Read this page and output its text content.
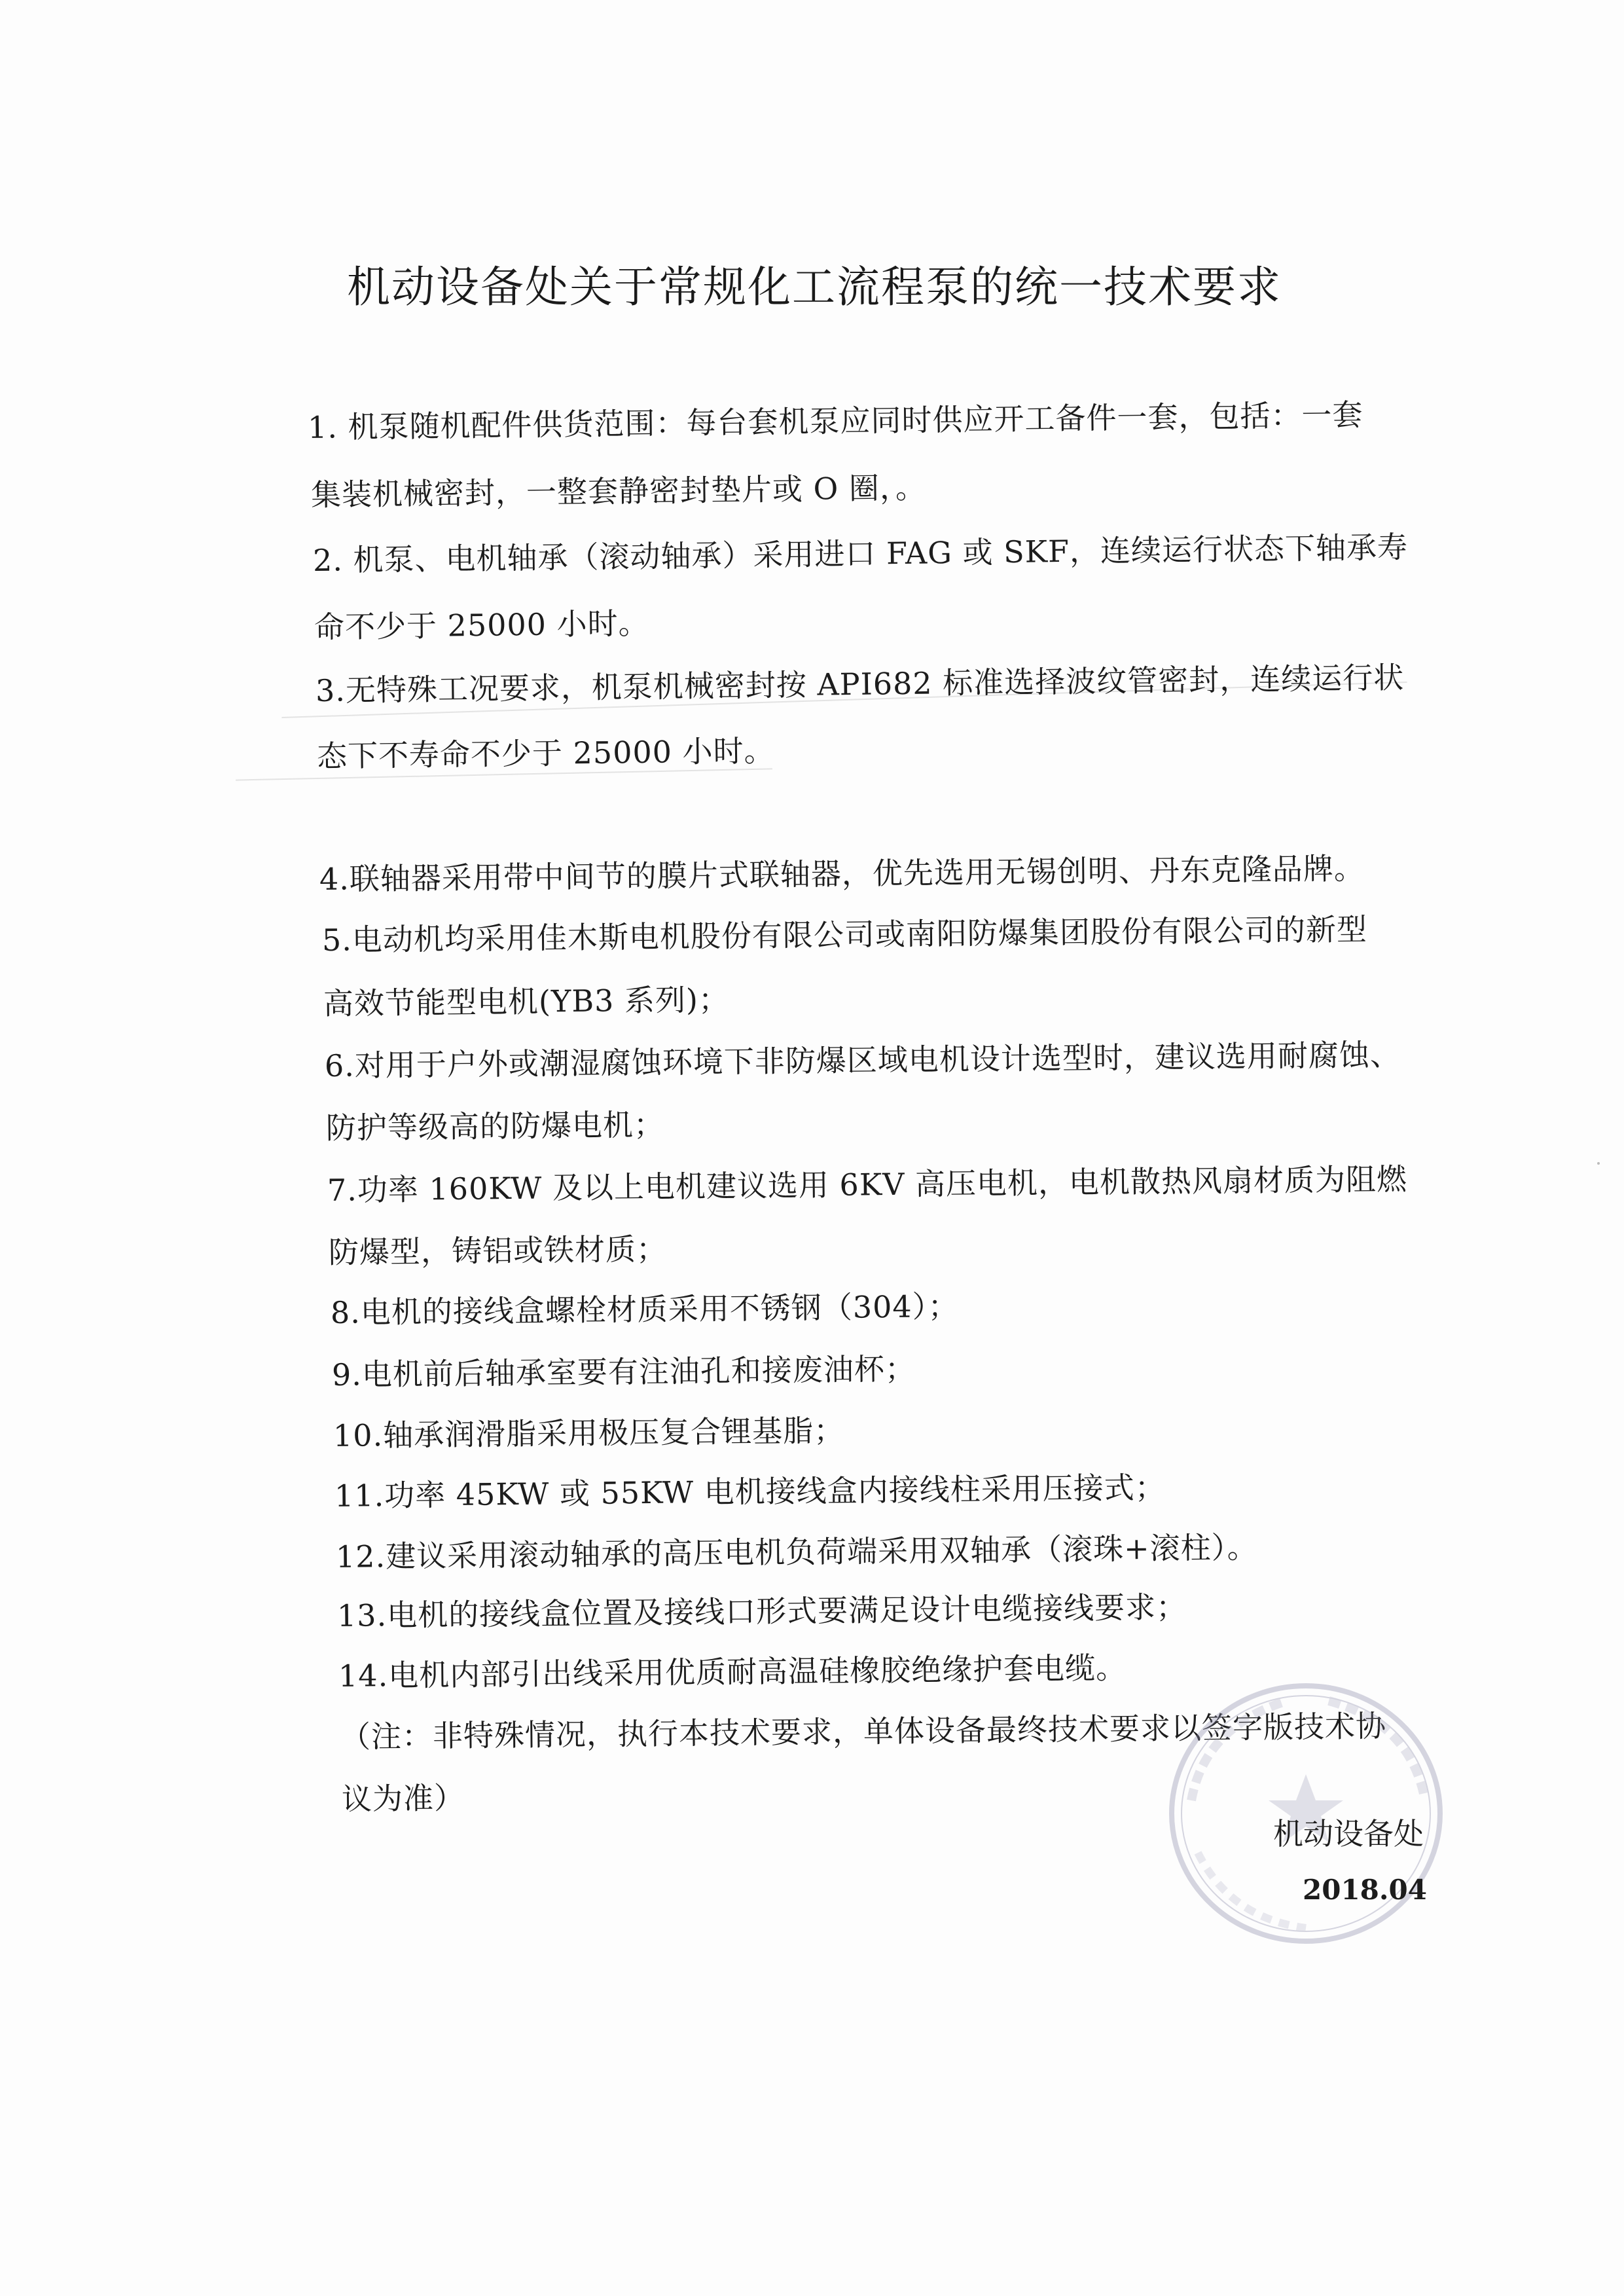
机动设备处关于常规化工流程泵的统一技术要求
1. 机泵随机配件供货范围：每台套机泵应同时供应开工备件一套，包括：一套
集装机械密封，一整套静密封垫片或 O 圈，。
2. 机泵、电机轴承（滚动轴承）采用进口 FAG 或 SKF，连续运行状态下轴承寿
命不少于 25000 小时。
3.无特殊工况要求，机泵机械密封按 API682 标准选择波纹管密封，连续运行状
态下不寿命不少于 25000 小时。
4.联轴器采用带中间节的膜片式联轴器，优先选用无锡创明、丹东克隆品牌。
5.电动机均采用佳木斯电机股份有限公司或南阳防爆集团股份有限公司的新型
高效节能型电机(YB3 系列)；
6.对用于户外或潮湿腐蚀环境下非防爆区域电机设计选型时，建议选用耐腐蚀、
防护等级高的防爆电机；
7.功率 160KW 及以上电机建议选用 6KV 高压电机，电机散热风扇材质为阻燃
防爆型，铸铝或铁材质；
8.电机的接线盒螺栓材质采用不锈钢（304）；
9.电机前后轴承室要有注油孔和接废油杯；
10.轴承润滑脂采用极压复合锂基脂；
11.功率 45KW 或 55KW 电机接线盒内接线柱采用压接式；
12.建议采用滚动轴承的高压电机负荷端采用双轴承（滚珠+滚柱）。
13.电机的接线盒位置及接线口形式要满足设计电缆接线要求；
14.电机内部引出线采用优质耐高温硅橡胶绝缘护套电缆。
（注：非特殊情况，执行本技术要求，单体设备最终技术要求以签字版技术协
议为准）
机动设备处
2018.04
